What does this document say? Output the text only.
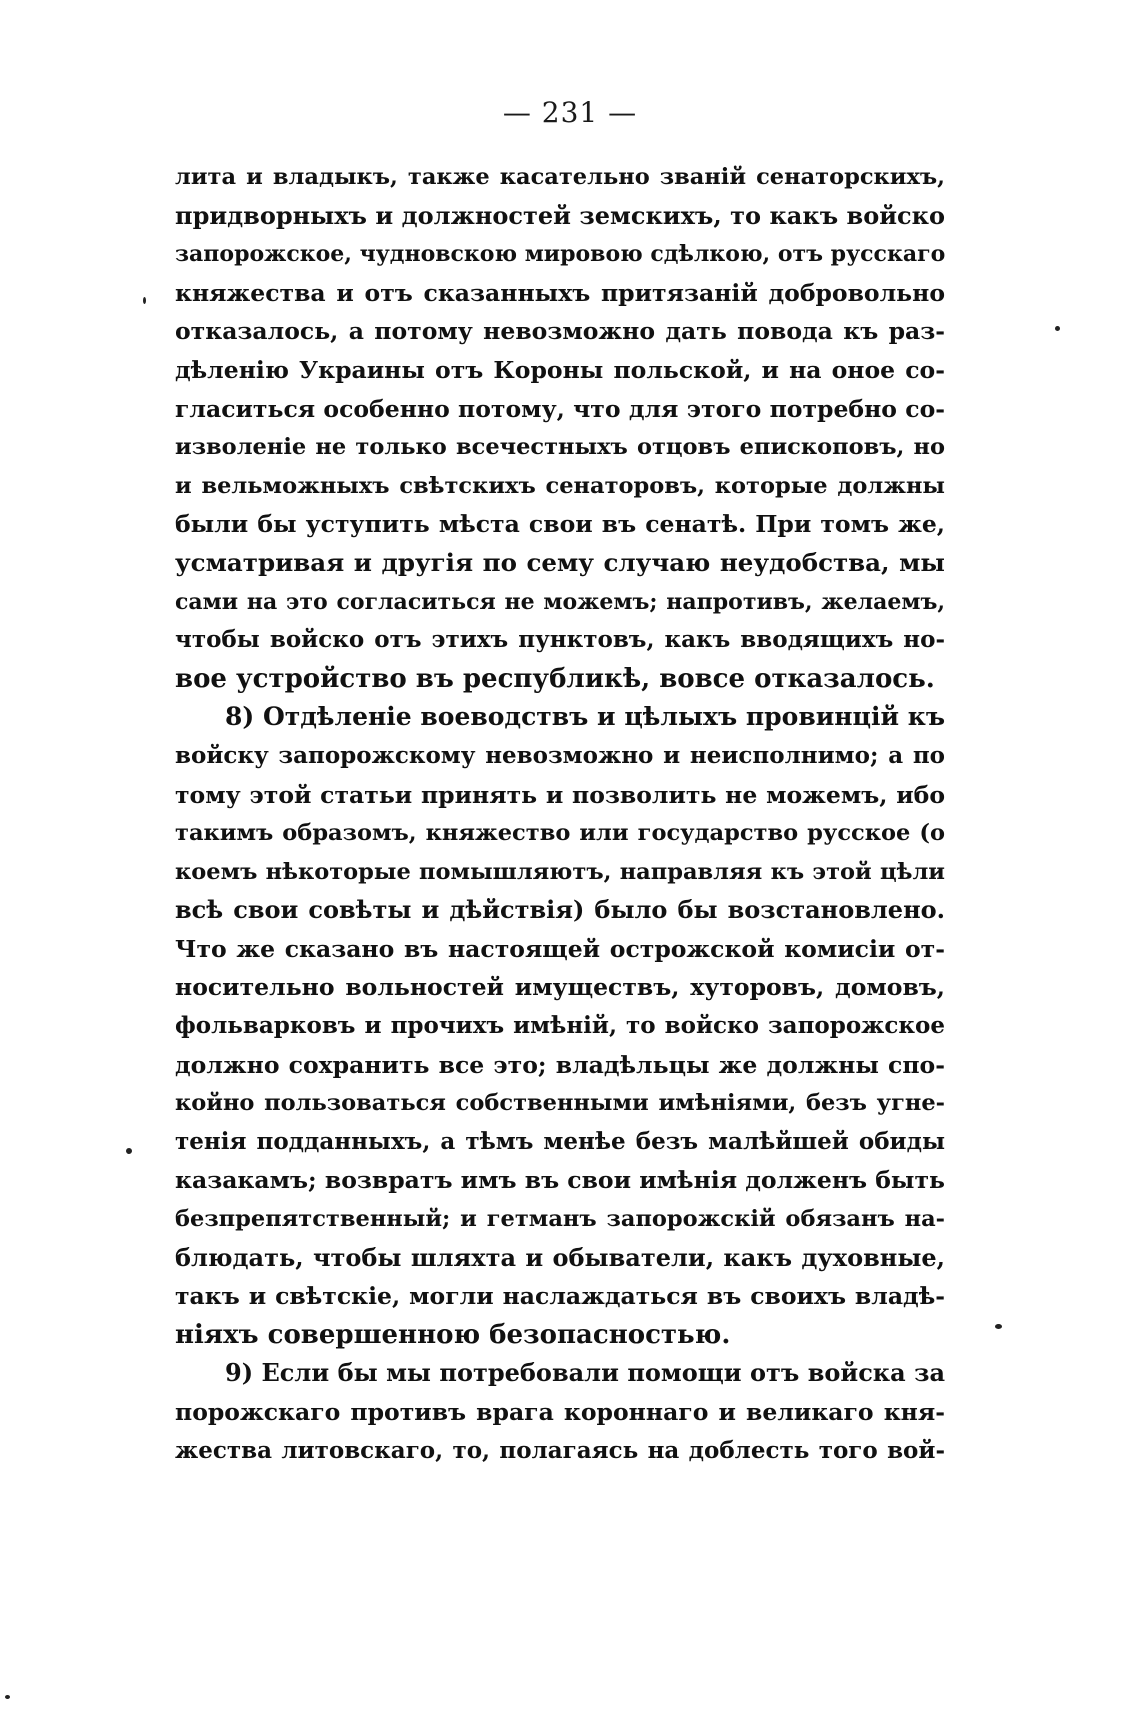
— 231 —
лита и владыкъ, также касательно званій сенаторскихъ,
придворныхъ и должностей земскихъ, то какъ войско
запорожское, чудновскою мировою сдѣлкою, отъ русскаго
княжества и отъ сказанныхъ притязаній добровольно
отказалось, а потому невозможно дать повода къ раз-
дѣленію Украины отъ Короны польской, и на оное со-
гласиться особенно потому, что для этого потребно со-
изволеніе не только всечестныхъ отцовъ епископовъ, но
и вельможныхъ свѣтскихъ сенаторовъ, которые должны
были бы уступить мѣста свои въ сенатѣ. При томъ же,
усматривая и другія по сему случаю неудобства, мы
сами на это согласиться не можемъ; напротивъ, желаемъ,
чтобы войско отъ этихъ пунктовъ, какъ вводящихъ но-
вое устройство въ республикѣ, вовсе отказалось.
8) Отдѣленіе воеводствъ и цѣлыхъ провинцій къ
войску запорожскому невозможно и неисполнимо; а по
тому этой статьи принять и позволить не можемъ, ибо
такимъ образомъ, княжество или государство русское (о
коемъ нѣкоторые помышляютъ, направляя къ этой цѣли
всѣ свои совѣты и дѣйствія) было бы возстановлено.
Что же сказано въ настоящей острожской комисіи от-
носительно вольностей имуществъ, хуторовъ, домовъ,
фольварковъ и прочихъ имѣній, то войско запорожское
должно сохранить все это; владѣльцы же должны спо-
койно пользоваться собственными имѣніями, безъ угне-
тенія подданныхъ, а тѣмъ менѣе безъ малѣйшей обиды
казакамъ; возвратъ имъ въ свои имѣнія долженъ быть
безпрепятственный; и гетманъ запорожскій обязанъ на-
блюдать, чтобы шляхта и обыватели, какъ духовные,
такъ и свѣтскіе, могли наслаждаться въ своихъ владѣ-
ніяхъ совершенною безопасностью.
9) Если бы мы потребовали помощи отъ войска за
порожскаго противъ врага короннаго и великаго кня-
жества литовскаго, то, полагаясь на доблесть того вой-
